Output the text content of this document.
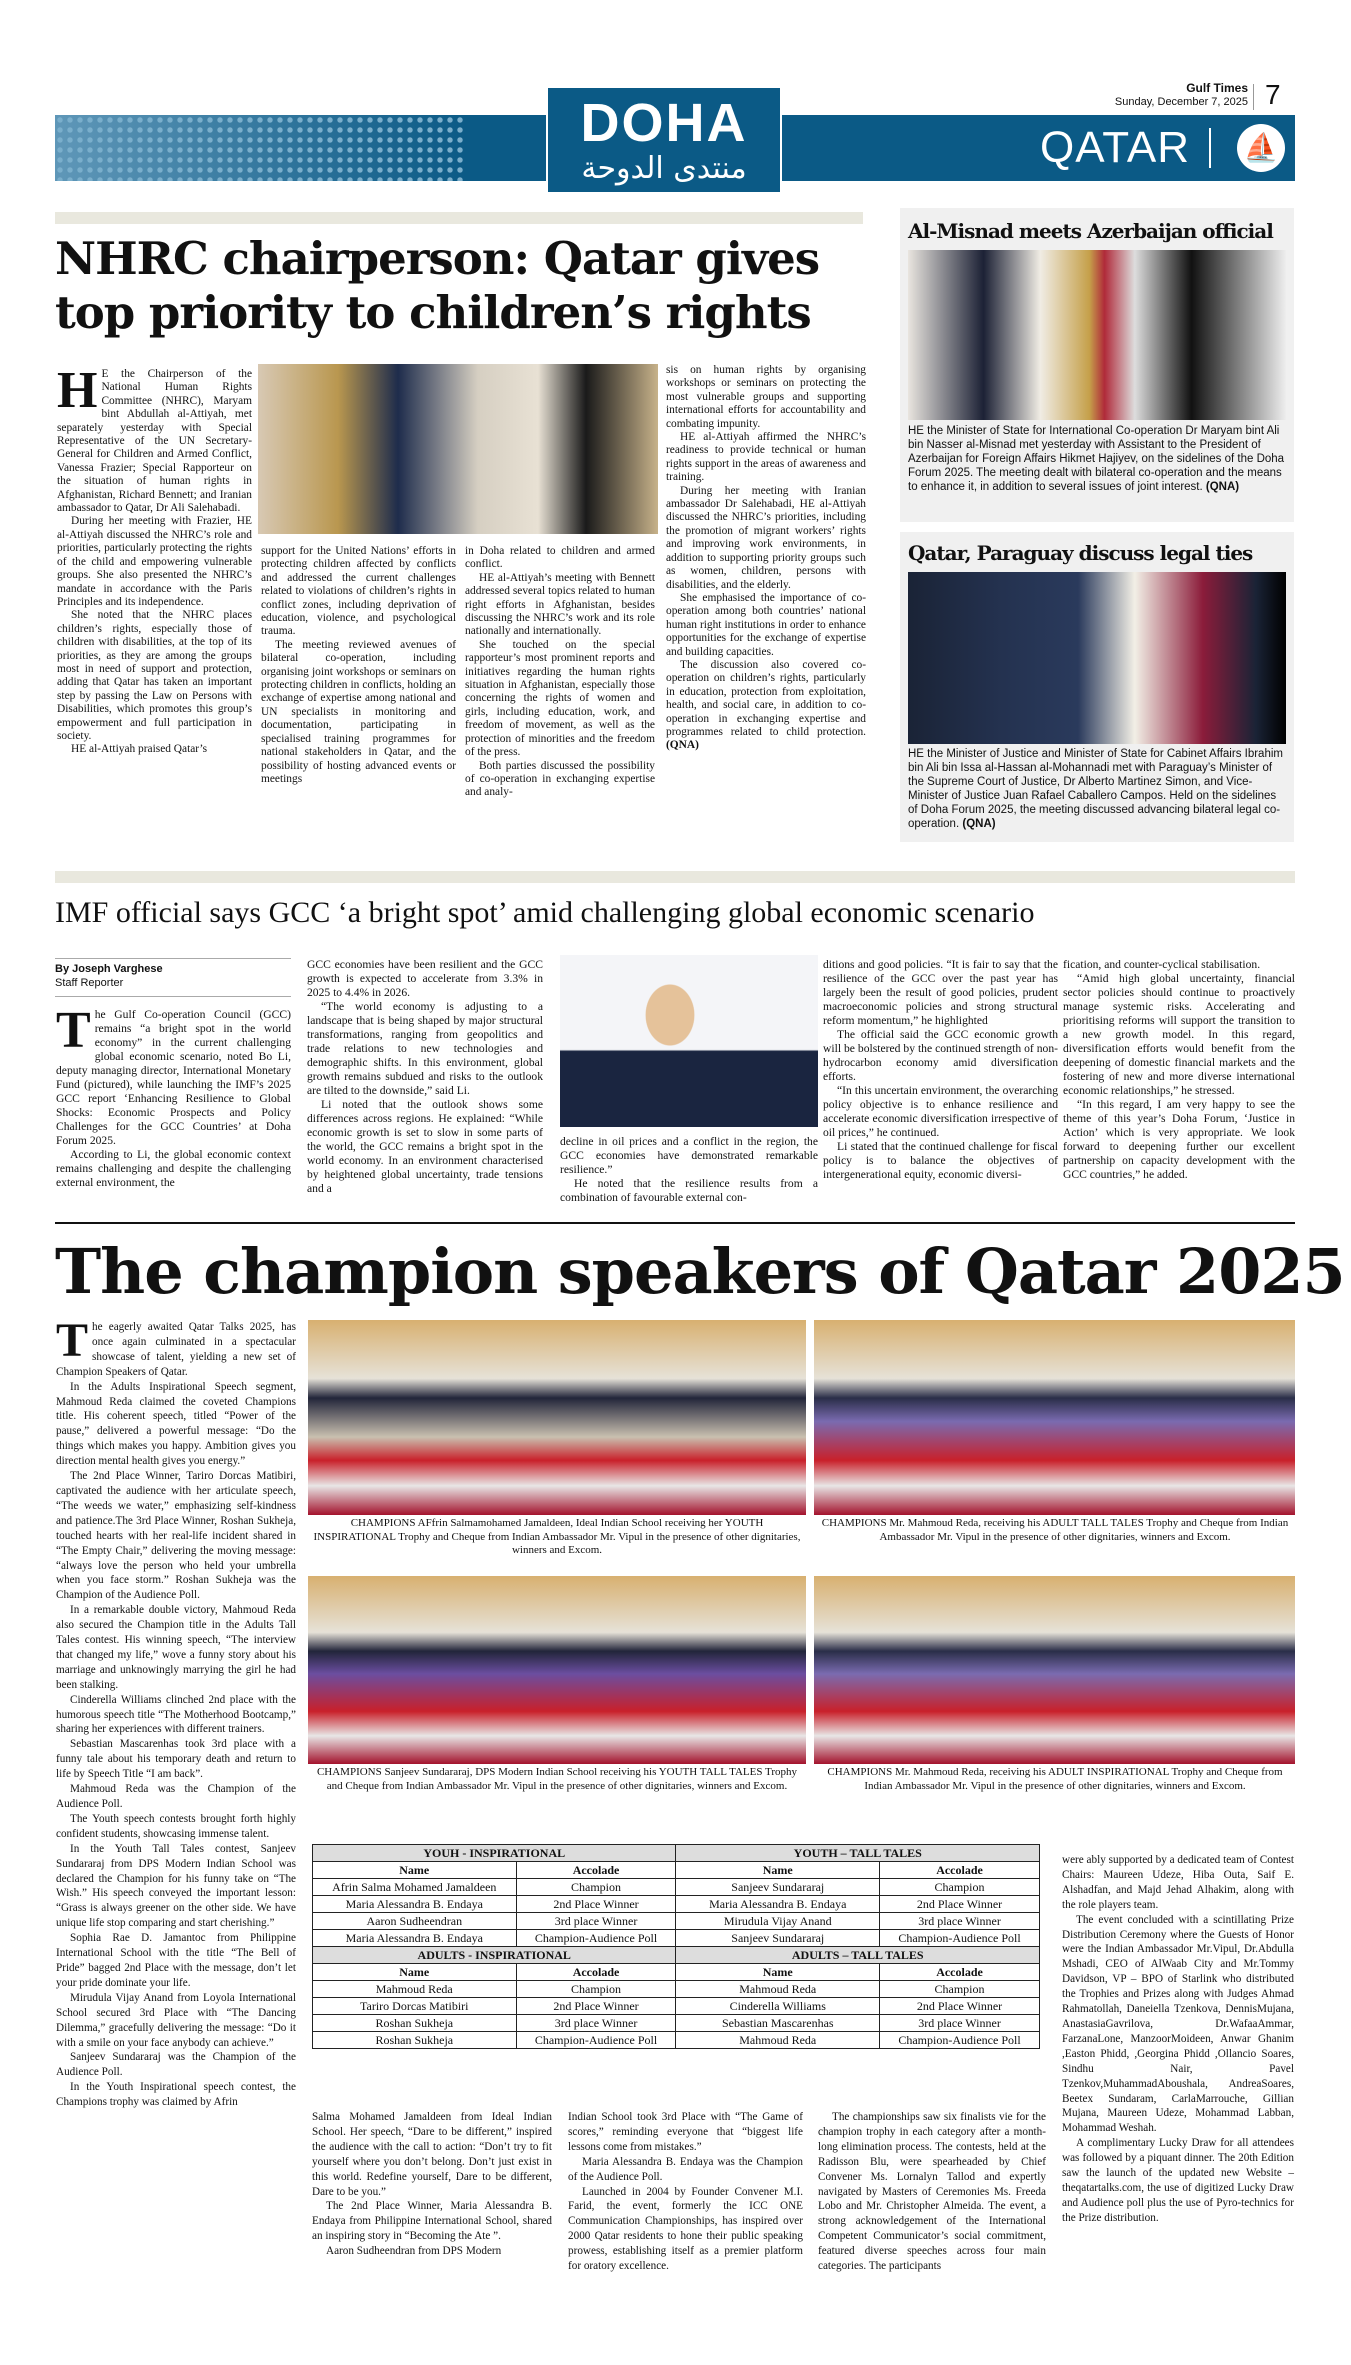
DOHA
منتدى الدوحة	QATAR ⛵
Gulf Times
Sunday, December 7, 2025 7
NHRC chairperson: Qatar gives top priority to children’s rights

H E the Chairperson of the National Human Rights Committee (NHRC), Maryam bint Abdullah al-Attiyah, met separately yesterday with Special Representative of the UN Secretary-General for Children and Armed Conflict, Vanessa Frazier; Special Rapporteur on the situation of human rights in Afghanistan, Richard Bennett; and Iranian ambassador to Qatar, Dr Ali Salehabadi.

During her meeting with Frazier, HE al-Attiyah discussed the NHRC’s role and priorities, particularly protecting the rights of the child and empowering vulnerable groups. She also presented the NHRC’s mandate in accordance with the Paris Principles and its independence.

She noted that the NHRC places children’s rights, especially those of children with disabilities, at the top of its priorities, as they are among the groups most in need of support and protection, adding that Qatar has taken an important step by passing the Law on Persons with Disabilities, which promotes this group’s empowerment and full participation in society.

HE al-Attiyah praised Qatar’s

support for the United Nations’ efforts in protecting children affected by conflicts and addressed the current challenges related to violations of children’s rights in conflict zones, including deprivation of education, violence, and psychological trauma.

The meeting reviewed avenues of bilateral co-operation, including organising joint workshops or seminars on protecting children in conflicts, holding an exchange of expertise among national and UN specialists in monitoring and documentation, participating in specialised training programmes for national stakeholders in Qatar, and the possibility of hosting advanced events or meetings

in Doha related to children and armed conflict.

HE al-Attiyah’s meeting with Bennett addressed several topics related to human right efforts in Afghanistan, besides discussing the NHRC’s work and its role nationally and internationally.

She touched on the special rapporteur’s most prominent reports and initiatives regarding the human rights situation in Afghanistan, especially those concerning the rights of women and girls, including education, work, and freedom of movement, as well as the protection of minorities and the freedom of the press.

Both parties discussed the possibility of co-operation in exchanging expertise and analy-

sis on human rights by organising workshops or seminars on protecting the most vulnerable groups and supporting international efforts for accountability and combating impunity.

HE al-Attiyah affirmed the NHRC’s readiness to provide technical or human rights support in the areas of awareness and training.

During her meeting with Iranian ambassador Dr Salehabadi, HE al-Attiyah discussed the NHRC’s priorities, including the promotion of migrant workers’ rights and improving work environments, in addition to supporting priority groups such as women, children, persons with disabilities, and the elderly.

She emphasised the importance of co-operation among both countries’ national human right institutions in order to enhance opportunities for the exchange of expertise and building capacities.

The discussion also covered co-operation on children’s rights, particularly in education, protection from exploitation, health, and social care, in addition to co-operation in exchanging expertise and programmes related to child protection. (QNA)

Al-Misnad meets Azerbaijan official
HE the Minister of State for International Co-operation Dr Maryam bint Ali bin Nasser al-Misnad met yesterday with Assistant to the President of Azerbaijan for Foreign Affairs Hikmet Hajiyev, on the sidelines of the Doha Forum 2025. The meeting dealt with bilateral co-operation and the means to enhance it, in addition to several issues of joint interest. (QNA)
Qatar, Paraguay discuss legal ties
HE the Minister of Justice and Minister of State for Cabinet Affairs Ibrahim bin Ali bin Issa al-Hassan al-Mohannadi met with Paraguay’s Minister of the Supreme Court of Justice, Dr Alberto Martinez Simon, and Vice-Minister of Justice Juan Rafael Caballero Campos. Held on the sidelines of Doha Forum 2025, the meeting discussed advancing bilateral legal co-operation. (QNA)
IMF official says GCC ‘a bright spot’ amid challenging global economic scenario
By Joseph Varghese
Staff Reporter

The Gulf Co-operation Council (GCC) remains “a bright spot in the world economy” in the current challenging global economic scenario, noted Bo Li, deputy managing director, International Monetary Fund (pictured), while launching the IMF’s 2025 GCC report ‘Enhancing Resilience to Global Shocks: Economic Prospects and Policy Challenges for the GCC Countries’ at Doha Forum 2025.

According to Li, the global economic context remains challenging and despite the challenging external environment, the

GCC economies have been resilient and the GCC growth is expected to accelerate from 3.3% in 2025 to 4.4% in 2026.

“The world economy is adjusting to a landscape that is being shaped by major structural transformations, ranging from geopolitics and trade relations to new technologies and demographic shifts. In this environment, global growth remains subdued and risks to the outlook are tilted to the downside,” said Li.

Li noted that the outlook shows some differences across regions. He explained: “While economic growth is set to slow in some parts of the world, the GCC remains a bright spot in the world economy. In an environment characterised by heightened global uncertainty, trade tensions and a

decline in oil prices and a conflict in the region, the GCC economies have demonstrated remarkable resilience.”

He noted that the resilience results from a combination of favourable external con-

ditions and good policies. “It is fair to say that the resilience of the GCC over the past year has largely been the result of good policies, prudent macroeconomic policies and strong structural reform momentum,” he highlighted

The official said the GCC economic growth will be bolstered by the continued strength of non-hydrocarbon economy amid diversification efforts.

“In this uncertain environment, the overarching policy objective is to enhance resilience and accelerate economic diversification irrespective of oil prices,” he continued.

Li stated that the continued challenge for fiscal policy is to balance the objectives of intergenerational equity, economic diversi-

fication, and counter-cyclical stabilisation.

“Amid high global uncertainty, financial sector policies should continue to proactively manage systemic risks. Accelerating and prioritising reforms will support the transition to a new growth model. In this regard, diversification efforts would benefit from the deepening of domestic financial markets and the fostering of new and more diverse international economic relationships,” he stressed.

“In this regard, I am very happy to see the theme of this year’s Doha Forum, ‘Justice in Action’ which is very appropriate. We look forward to deepening further our excellent partnership on capacity development with the GCC countries,” he added.

The champion speakers of Qatar 2025

The eagerly awaited Qatar Talks 2025, has once again culminated in a spectacular showcase of talent, yielding a new set of Champion Speakers of Qatar.

In the Adults Inspirational Speech segment, Mahmoud Reda claimed the coveted Champions title. His coherent speech, titled “Power of the pause,” delivered a powerful message: “Do the things which makes you happy. Ambition gives you direction mental health gives you energy.”

The 2nd Place Winner, Tariro Dorcas Matibiri, captivated the audience with her articulate speech, “The weeds we water,” emphasizing self-kindness and patience.The 3rd Place Winner, Roshan Sukheja, touched hearts with her real-life incident shared in “The Empty Chair,” delivering the moving message: “always love the person who held your umbrella when you face storm.” Roshan Sukheja was the Champion of the Audience Poll.

In a remarkable double victory, Mahmoud Reda also secured the Champion title in the Adults Tall Tales contest. His winning speech, “The interview that changed my life,” wove a funny story about his marriage and unknowingly marrying the girl he had been stalking.

Cinderella Williams clinched 2nd place with the humorous speech title “The Motherhood Bootcamp,” sharing her experiences with different trainers.

Sebastian Mascarenhas took 3rd place with a funny tale about his temporary death and return to life by Speech Title “I am back”.

Mahmoud Reda was the Champion of the Audience Poll.

The Youth speech contests brought forth highly confident students, showcasing immense talent.

In the Youth Tall Tales contest, Sanjeev Sundararaj from DPS Modern Indian School was declared the Champion for his funny take on “The Wish.” His speech conveyed the important lesson: “Grass is always greener on the other side. We have unique life stop comparing and start cherishing.”

Sophia Rae D. Jamantoc from Philippine International School with the title “The Bell of Pride” bagged 2nd Place with the message, don’t let your pride dominate your life.

Mirudula Vijay Anand from Loyola International School secured 3rd Place with “The Dancing Dilemma,” gracefully delivering the message: “Do it with a smile on your face anybody can achieve.”

Sanjeev Sundararaj was the Champion of the Audience Poll.

In the Youth Inspirational speech contest, the Champions trophy was claimed by Afrin

CHAMPIONS AFfrin Salmamohamed Jamaldeen, Ideal Indian School receiving her YOUTH INSPIRATIONAL Trophy and Cheque from Indian Ambassador Mr. Vipul in the presence of other dignitaries, winners and Excom.
CHAMPIONS Mr. Mahmoud Reda, receiving his ADULT TALL TALES Trophy and Cheque from Indian Ambassador Mr. Vipul in the presence of other dignitaries, winners and Excom.
CHAMPIONS Sanjeev Sundararaj, DPS Modern Indian School receiving his YOUTH TALL TALES Trophy and Cheque from Indian Ambassador Mr. Vipul in the presence of other dignitaries, winners and Excom.
CHAMPIONS Mr. Mahmoud Reda, receiving his ADULT INSPIRATIONAL Trophy and Cheque from Indian Ambassador Mr. Vipul in the presence of other dignitaries, winners and Excom.
YOUH - INSPIRATIONAL		YOUTH – TALL TALES	
Name	Accolade	Name	Accolade
Afrin Salma Mohamed Jamaldeen	Champion	Sanjeev Sundararaj	Champion
Maria Alessandra B. Endaya	2nd Place Winner	Maria Alessandra B. Endaya	2nd Place Winner
Aaron Sudheendran	3rd place Winner	Mirudula Vijay Anand	3rd place Winner
Maria Alessandra B. Endaya	Champion-Audience Poll	Sanjeev Sundararaj	Champion-Audience Poll
ADULTS - INSPIRATIONAL		ADULTS – TALL TALES	
Name	Accolade	Name	Accolade
Mahmoud Reda	Champion	Mahmoud Reda	Champion
Tariro Dorcas Matibiri	2nd Place Winner	Cinderella Williams	2nd Place Winner
Roshan Sukheja	3rd place Winner	Sebastian Mascarenhas	3rd place Winner
Roshan Sukheja	Champion-Audience Poll	Mahmoud Reda	Champion-Audience Poll

Salma Mohamed Jamaldeen from Ideal Indian School. Her speech, “Dare to be different,” inspired the audience with the call to action: “Don’t try to fit yourself where you don’t belong. Don’t just exist in this world. Redefine yourself, Dare to be different, Dare to be you.”

The 2nd Place Winner, Maria Alessandra B. Endaya from Philippine International School, shared an inspiring story in “Becoming the Ate ”.

Aaron Sudheendran from DPS Modern

Indian School took 3rd Place with “The Game of scores,” reminding everyone that “biggest life lessons come from mistakes.”

Maria Alessandra B. Endaya was the Champion of the Audience Poll.

Launched in 2004 by Founder Convener M.I. Farid, the event, formerly the ICC ONE Communication Championships, has inspired over 2000 Qatar residents to hone their public speaking prowess, establishing itself as a premier platform for oratory excellence.

The championships saw six finalists vie for the champion trophy in each category after a month-long elimination process. The contests, held at the Radisson Blu, were spearheaded by Chief Convener Ms. Lornalyn Tallod and expertly navigated by Masters of Ceremonies Ms. Freeda Lobo and Mr. Christopher Almeida. The event, a strong acknowledgement of the International Competent Communicator’s social commitment, featured diverse speeches across four main categories. The participants

were ably supported by a dedicated team of Contest Chairs: Maureen Udeze, Hiba Outa, Saif E. Alshadfan, and Majd Jehad Alhakim, along with the role players team.

The event concluded with a scintillating Prize Distribution Ceremony where the Guests of Honor were the Indian Ambassador Mr.Vipul, Dr.Abdulla Mshadi, CEO of AlWaab City and Mr.Tommy Davidson, VP – BPO of Starlink who distributed the Trophies and Prizes along with Judges Ahmad Rahmatollah, Daneiella Tzenkova, DennisMujana, AnastasiaGavrilova, Dr.WafaaAmmar, FarzanaLone, ManzoorMoideen, Anwar Ghanim ,Easton Phidd, ,Georgina Phidd ,Ollancio Soares, Sindhu Nair, Pavel Tzenkov,MuhammadAboushala, AndreaSoares, Beetex Sundaram, CarlaMarrouche, Gillian Mujana, Maureen Udeze, Mohammad Labban, Mohammad Weshah.

A complimentary Lucky Draw for all attendees was followed by a piquant dinner. The 20th Edition saw the launch of the updated new Website – theqatartalks.com, the use of digitized Lucky Draw and Audience poll plus the use of Pyro-technics for the Prize distribution.
